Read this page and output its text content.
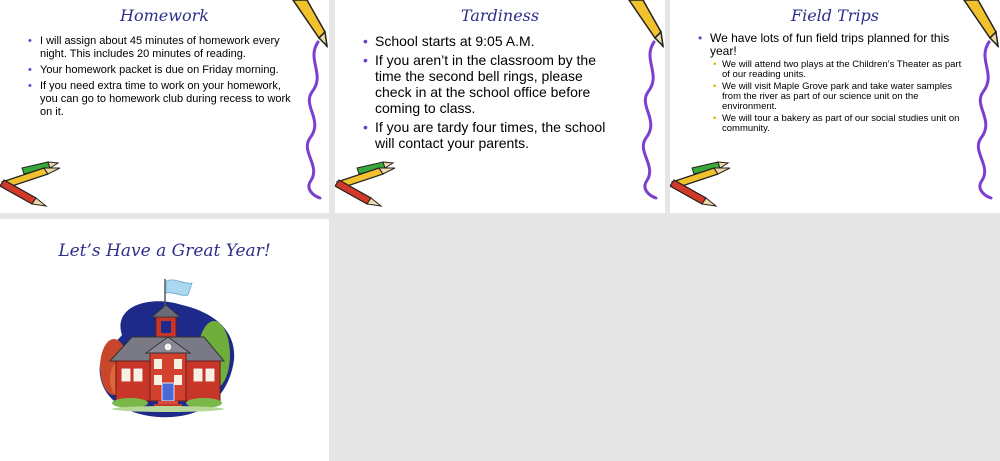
Homework
• I will assign about 45 minutes of homework every night. This includes 20 minutes of reading.
• Your homework packet is due on Friday morning.
• If you need extra time to work on your homework, you can go to homework club during recess to work on it.
Tardiness
• School starts at 9:05 A.M.
• If you aren’t in the classroom by the time the second bell rings, please check in at the school office before coming to class.
• If you are tardy four times, the school will contact your parents.
Field Trips
• We have lots of fun field trips planned for this year!
• We will attend two plays at the Children’s Theater as part of our reading units.
• We will visit Maple Grove park and take water samples from the river as part of our science unit on the environment.
• We will tour a bakery as part of our social studies unit on community.
Let’s Have a Great Year!
